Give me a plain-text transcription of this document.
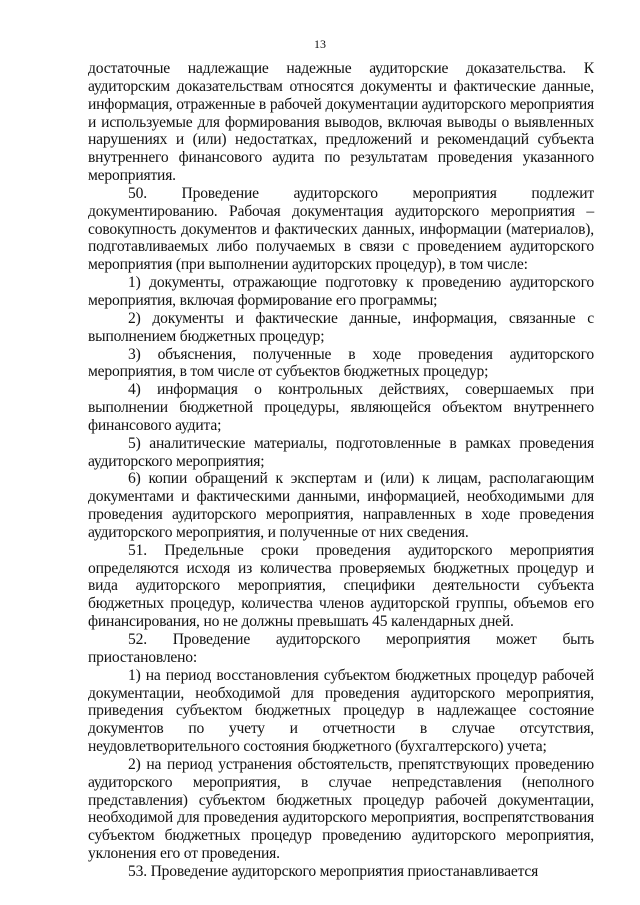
13

достаточные надлежащие надежные аудиторские доказательства. К аудиторским доказательствам относятся документы и фактические данные, информация, отраженные в рабочей документации аудиторского мероприятия и используемые для формирования выводов, включая выводы о выявленных нарушениях и (или) недостатках, предложений и рекомендаций субъекта внутреннего финансового аудита по результатам проведения указанного мероприятия.

50. Проведение аудиторского мероприятия подлежит документированию. Рабочая документация аудиторского мероприятия – совокупность документов и фактических данных, информации (материалов), подготавливаемых либо получаемых в связи с проведением аудиторского мероприятия (при выполнении аудиторских процедур), в том числе:

1) документы, отражающие подготовку к проведению аудиторского мероприятия, включая формирование его программы;

2) документы и фактические данные, информация, связанные с выполнением бюджетных процедур;

3) объяснения, полученные в ходе проведения аудиторского мероприятия, в том числе от субъектов бюджетных процедур;

4) информация о контрольных действиях, совершаемых при выполнении бюджетной процедуры, являющейся объектом внутреннего финансового аудита;

5) аналитические материалы, подготовленные в рамках проведения аудиторского мероприятия;

6) копии обращений к экспертам и (или) к лицам, располагающим документами и фактическими данными, информацией, необходимыми для проведения аудиторского мероприятия, направленных в ходе проведения аудиторского мероприятия, и полученные от них сведения.

51. Предельные сроки проведения аудиторского мероприятия определяются исходя из количества проверяемых бюджетных процедур и вида аудиторского мероприятия, специфики деятельности субъекта бюджетных процедур, количества членов аудиторской группы, объемов его финансирования, но не должны превышать 45 календарных дней.

52. Проведение аудиторского мероприятия может быть приостановлено:

1) на период восстановления субъектом бюджетных процедур рабочей документации, необходимой для проведения аудиторского мероприятия, приведения субъектом бюджетных процедур в надлежащее состояние документов по учету и отчетности в случае отсутствия, неудовлетворительного состояния бюджетного (бухгалтерского) учета;

2) на период устранения обстоятельств, препятствующих проведению аудиторского мероприятия, в случае непредставления (неполного представления) субъектом бюджетных процедур рабочей документации, необходимой для проведения аудиторского мероприятия, воспрепятствования субъектом бюджетных процедур проведению аудиторского мероприятия, уклонения его от проведения.

53. Проведение аудиторского мероприятия приостанавливается
